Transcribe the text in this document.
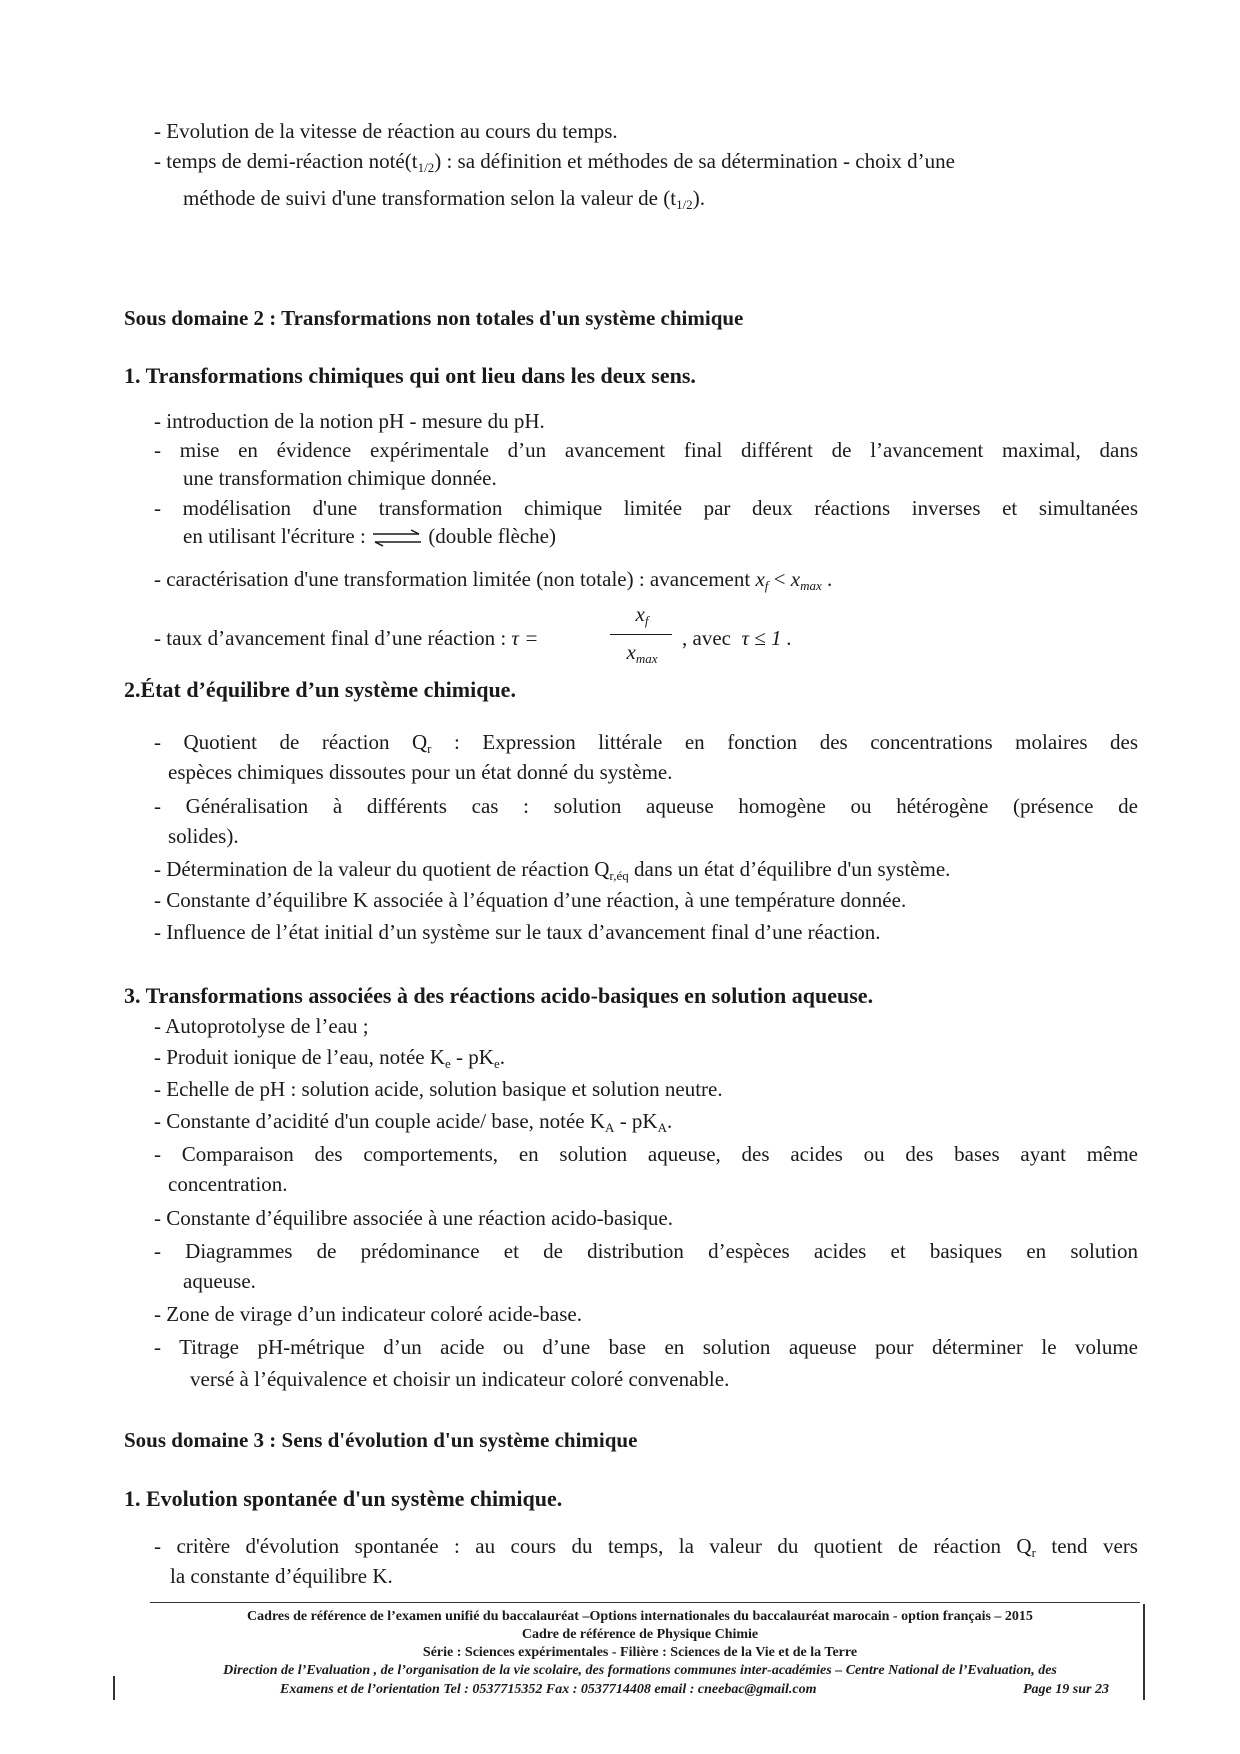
- Evolution de la vitesse de réaction au cours du temps.
- temps de demi-réaction $noté(t_{1/2})$ : sa définition et méthodes de sa détermination - choix d’une
méthode de suivi d'une transformation selon la valeur de $(t_{1/2})$.
Sous domaine 2 : Transformations non totales d'un système chimique
1. Transformations chimiques qui ont lieu dans les deux sens.
- introduction de la notion pH - mesure du pH.
- mise en évidence expérimentale d’un avancement final différent de l’avancement maximal, dans
une transformation chimique donnée.
- modélisation d'une transformation chimique limitée par deux réactions inverses et simultanées
en utilisant l'écriture :	(double flèche)
- caractérisation d'une transformation limitée (non totale) : avancement $x_f < x_{max}$ .
- taux d’avancement final d’une réaction : τ =
$x_f$
$x_{max}$
, avec τ ≤ 1 .
2.État d’équilibre d’un système chimique.
- Quotient de réaction $Q_r$ : Expression littérale en fonction des concentrations molaires des
espèces chimiques dissoutes pour un état donné du système.
- Généralisation à différents cas : solution aqueuse homogène ou hétérogène (présence de
solides).
- Détermination de la valeur du quotient de réaction $Q_{r,éq}$ dans un état d’équilibre d'un système.
- Constante d’équilibre K associée à l’équation d’une réaction, à une température donnée.
- Influence de l’état initial d’un système sur le taux d’avancement final d’une réaction.
3. Transformations associées à des réactions acido-basiques en solution aqueuse.
- Autoprotolyse de l’eau ;
- Produit ionique de l’eau, notée $K_e - pK_e$.
- Echelle de pH : solution acide, solution basique et solution neutre.
- Constante d’acidité d'un couple acide/ base, notée $K_A - pK_A$.
- Comparaison des comportements, en solution aqueuse, des acides ou des bases ayant même
concentration.
- Constante d’équilibre associée à une réaction acido-basique.
- Diagrammes de prédominance et de distribution d’espèces acides et basiques en solution
aqueuse.
- Zone de virage d’un indicateur coloré acide-base.
- Titrage pH-métrique d’un acide ou d’une base en solution aqueuse pour déterminer le volume
versé à l’équivalence et choisir un indicateur coloré convenable.
Sous domaine 3 : Sens d'évolution d'un système chimique
1. Evolution spontanée d'un système chimique.
- critère d'évolution spontanée : au cours du temps, la valeur du quotient de réaction $Q_r$ tend vers
la constante d’équilibre K.
Cadres de référence de l’examen unifié du baccalauréat –Options internationales du baccalauréat marocain - option français – 2015
Cadre de référence de Physique Chimie
Série : Sciences expérimentales - Filière : Sciences de la Vie et de la Terre
Direction de l’Evaluation , de l’organisation de la vie scolaire, des formations communes inter-académies – Centre National de l’Evaluation, des
Examens et de l’orientation Tel : 0537715352 Fax : 0537714408 email : cneebac@gmail.com	Page 19 sur 23
